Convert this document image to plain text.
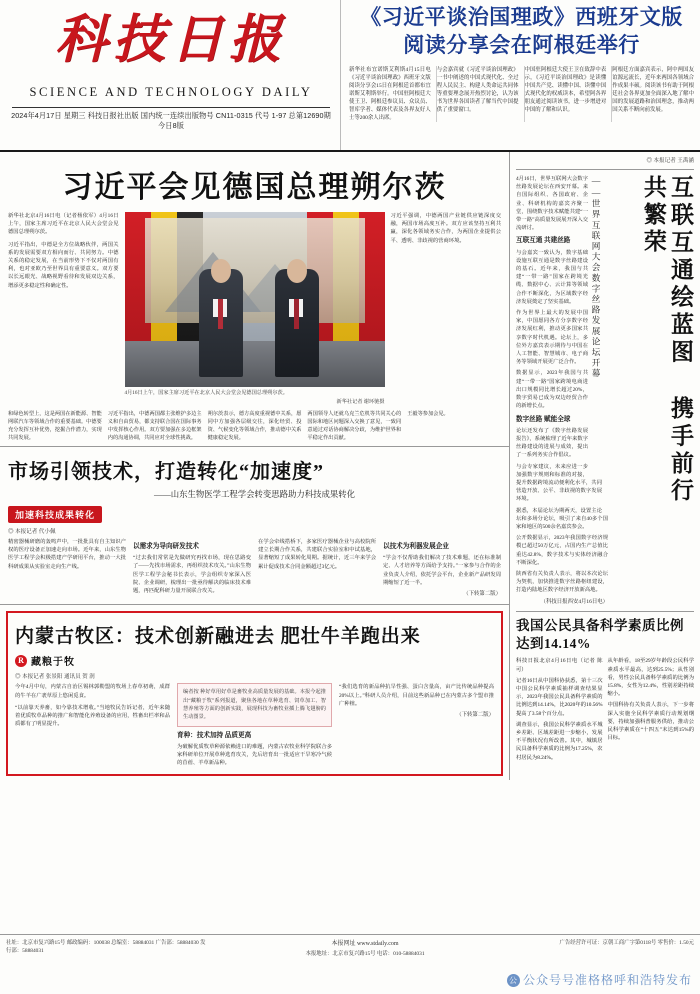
科技日报
SCIENCE AND TECHNOLOGY DAILY
2024年4月17日 星期三 科技日报社出版 国内统一连续出版物号 CN11-0315 代号 1-97 总第12690期 今日8版
《习近平谈治国理政》西班牙文版
阅读分享会在阿根廷举行
新华社布宜诺斯艾利斯4月15日电 《习近平谈治国理政》西班牙文版阅读分享会15日在阿根廷首都布宜诺斯艾利斯举行。中国驻阿根廷大使王卫、阿根廷参议员、众议员、智库学者、媒体代表及各界友好人士等200余人出席。
与会嘉宾就《习近平谈治国理政》一书中阐述的中国式现代化、全过程人民民主、构建人类命运共同体等重要理念展开热烈讨论，认为该书为世界各国读者了解当代中国提供了重要窗口。
中国驻阿根廷大使王卫在致辞中表示，《习近平谈治国理政》是读懂中国共产党、读懂中国、读懂中国式现代化的权威读本，希望阿各界朋友通过阅读该书，进一步增进对中国的了解和认识。
阿根廷方面嘉宾表示，阿中两国友谊源远流长，近年来两国各领域合作成果丰硕。阅读该书有助于阿根廷社会各界更加全面深入地了解中国的发展道路和治国理念，推动两国关系不断向前发展。
习近平会见德国总理朔尔茨
新华社北京4月16日电（记者杨依军）4月16日上午，国家主席习近平在北京人民大会堂会见德国总理朔尔茨。
习近平指出，中德是全方位战略伙伴，两国关系的发展需要双方相向而行、共同努力。中德关系的稳定发展，在当前形势下不仅对两国有利，也对亚欧乃至世界具有重要意义。双方要以长远眼光、战略视野看待和发展双边关系，增添更多稳定性和确定性。
4月16日上午，国家主席习近平在北京人民大会堂会见德国总理朔尔茨。
新华社记者 谢环驰摄
习近平强调，中德两国产业链供应链深度交融，两国市场高度互补。双方应该坚持互利共赢，深化各领域务实合作，为两国企业提供公平、透明、非歧视的营商环境。
和绿色转型上，这是两国在新能源、智能网联汽车等领域合作的重要基础。中德要充分发挥互补优势，挖掘合作潜力，实现共同发展。
习近平指出，中德两国都主张维护多边主义和自由贸易，都支持联合国在国际事务中发挥核心作用。双方要加强在多边框架内的沟通协调，共同应对全球性挑战。
朔尔茨表示，德方高度重视德中关系，愿同中方加强各层级交往，深化经贸、投资、气候变化等领域合作，推动德中关系健康稳定发展。
两国领导人还就乌克兰危机等共同关心的国际和地区问题深入交换了意见，一致同意通过对话协商解决分歧，为维护世界和平稳定作出贡献。
王毅等参加会见。
市场引领技术，打造转化“加速度”
——山东生物医学工程学会转变思路助力科技成果转化
加速科技成果转化
◎ 本报记者 代小佩
精密器械研磨的轰鸣声中，一批批具有自主知识产权的医疗设备正加速走向市场。近年来，山东生物医学工程学会积极搭建产学研用平台，推动一大批科研成果从实验室走向生产线。
以需求为导向研发技术
“过去我们常常是先做研究再找市场，现在思路变了——先找市场需求，再组织技术攻关。”山东生物医学工程学会秘书长表示，学会组织专家深入医院、企业调研，梳理出一批亟待解决的临床技术难题，再匹配科研力量开展联合攻关。
在学会牵线搭桥下，多家医疗器械企业与高校院所建立长期合作关系，共建联合实验室和中试基地，显著缩短了成果转化周期。据统计，近三年来学会累计促成技术合同金额超过3亿元。
以技术为利器发展企业
“学会不仅帮助我们解决了技术难题，还在标准制定、人才培养等方面给予支持。”一家参与合作的企业负责人介绍，依托学会平台，企业新产品研发周期缩短了近一半。
（下转第二版）
内蒙古牧区：技术创新融进去 肥壮牛羊跑出来
R 藏粮于牧
◎ 本报记者 张景阳 通讯员 贺 润
今年4月中旬，内蒙古自治区锡林郭勒盟的牧场上春草初萌，成群的牛羊在广袤草原上悠闲觅食。
“以前靠天养畜，如今靠技术增收。”当地牧民告诉记者，近年来随着优质牧草品种的推广和智能化养殖设备的应用，牲畜出栏率和品质都有了明显提升。
编者按 种好草用好草是畜牧业高质量发展的基础。本报今起推出“藏粮于牧”系列报道，聚焦各地在草种选育、饲草加工、智慧养殖等方面的创新实践，展现科技为畜牧业插上腾飞翅膀的生动图景。
育种：技术加持 品质更高
为破解优质牧草种源依赖进口的难题，内蒙古农牧业科学院联合多家科研单位开展草种选育攻关，先后培育出一批适应干旱寒冷气候的苜蓿、羊草新品种。
“我们选育的新品种抗旱性强、蛋白含量高，亩产比传统品种提高20%以上。”科研人员介绍，目前这些新品种已在内蒙古多个盟市推广种植。
（下转第二版）
◎ 本报记者 王禹涵
互联互通绘蓝图 携手前行共繁荣
——世界互联网大会数字丝路发展论坛开幕
4月16日，世界互联网大会数字丝路发展论坛在西安开幕。来自国际组织、各国政府、企业、科研机构的嘉宾齐聚一堂，围绕数字技术赋能共建“一带一路”高质量发展展开深入交流研讨。
互联互通 共建丝路
与会嘉宾一致认为，数字基础设施互联互通是数字丝路建设的基石。近年来，我国与共建“一带一路”国家在跨境光缆、数据中心、云计算等领域合作不断深化，为区域数字经济发展奠定了坚实基础。
作为世界上最大的发展中国家，中国愿同各方分享数字经济发展红利，推动更多国家共享数字时代机遇。论坛上，多位外方嘉宾表示期待与中国在人工智能、智慧城市、电子商务等领域开展更广泛合作。
数据显示，2023年我国与共建“一带一路”国家跨境电商进出口规模同比增长超过20%，数字贸易已成为双边经贸合作的新增长点。
数字丝路 赋能全球
论坛还发布了《数字丝路发展报告》，系统梳理了近年来数字丝路建设的进展与成效，提出了一系列务实合作倡议。
与会专家建议，未来应进一步加强数字规则和标准的对接，提升数据跨境流动便利化水平，共同营造开放、公平、非歧视的数字发展环境。
据悉，本届论坛为期两天，设置主论坛和多场分论坛，吸引了来自40多个国家和地区的500余名嘉宾参会。
公开数据显示，2023年我国数字经济规模已超过50万亿元，占国内生产总值比重达42.8%，数字技术与实体经济融合不断深化。
陕西省有关负责人表示，将以本次论坛为契机，加快推进数字丝路枢纽建设，打造内陆地区数字经济开放新高地。
（科技日报西安4月16日电）
我国公民具备科学素质比例达到14.14%
科技日报北京4月16日电（记者 陈 可）
记者16日从中国科协获悉，第十三次中国公民科学素质抽样调查结果显示，2023年我国公民具备科学素质的比例达到14.14%，比2020年的10.56%提高了3.58个百分点。
调查显示，我国公民科学素质水平城乡差距、区域差距进一步缩小，发展不平衡状况有所改善。其中，城镇居民具备科学素质的比例为17.25%，农村居民为8.24%。
从年龄看，18至29岁年龄段公民科学素质水平最高，达到25.5%；从性别看，男性公民具备科学素质的比例为15.8%，女性为12.4%，性别差距持续缩小。
中国科协有关负责人表示，下一步将深入实施全民科学素质行动规划纲要，持续加强科普服务供给，推动公民科学素质在“十四五”末达到15%的目标。
社址：北京市复兴路15号 邮政编码：100038 总编室：58884031 广告部：58884030 发行部：58884031
本报网址 www.stdaily.com
本报地址：北京市复兴路15号 电话：010-58884031
广告经营许可证：京朝工商广字第0118号 零售价：1.50元
公 公众号号准格格呼和浩特发布
